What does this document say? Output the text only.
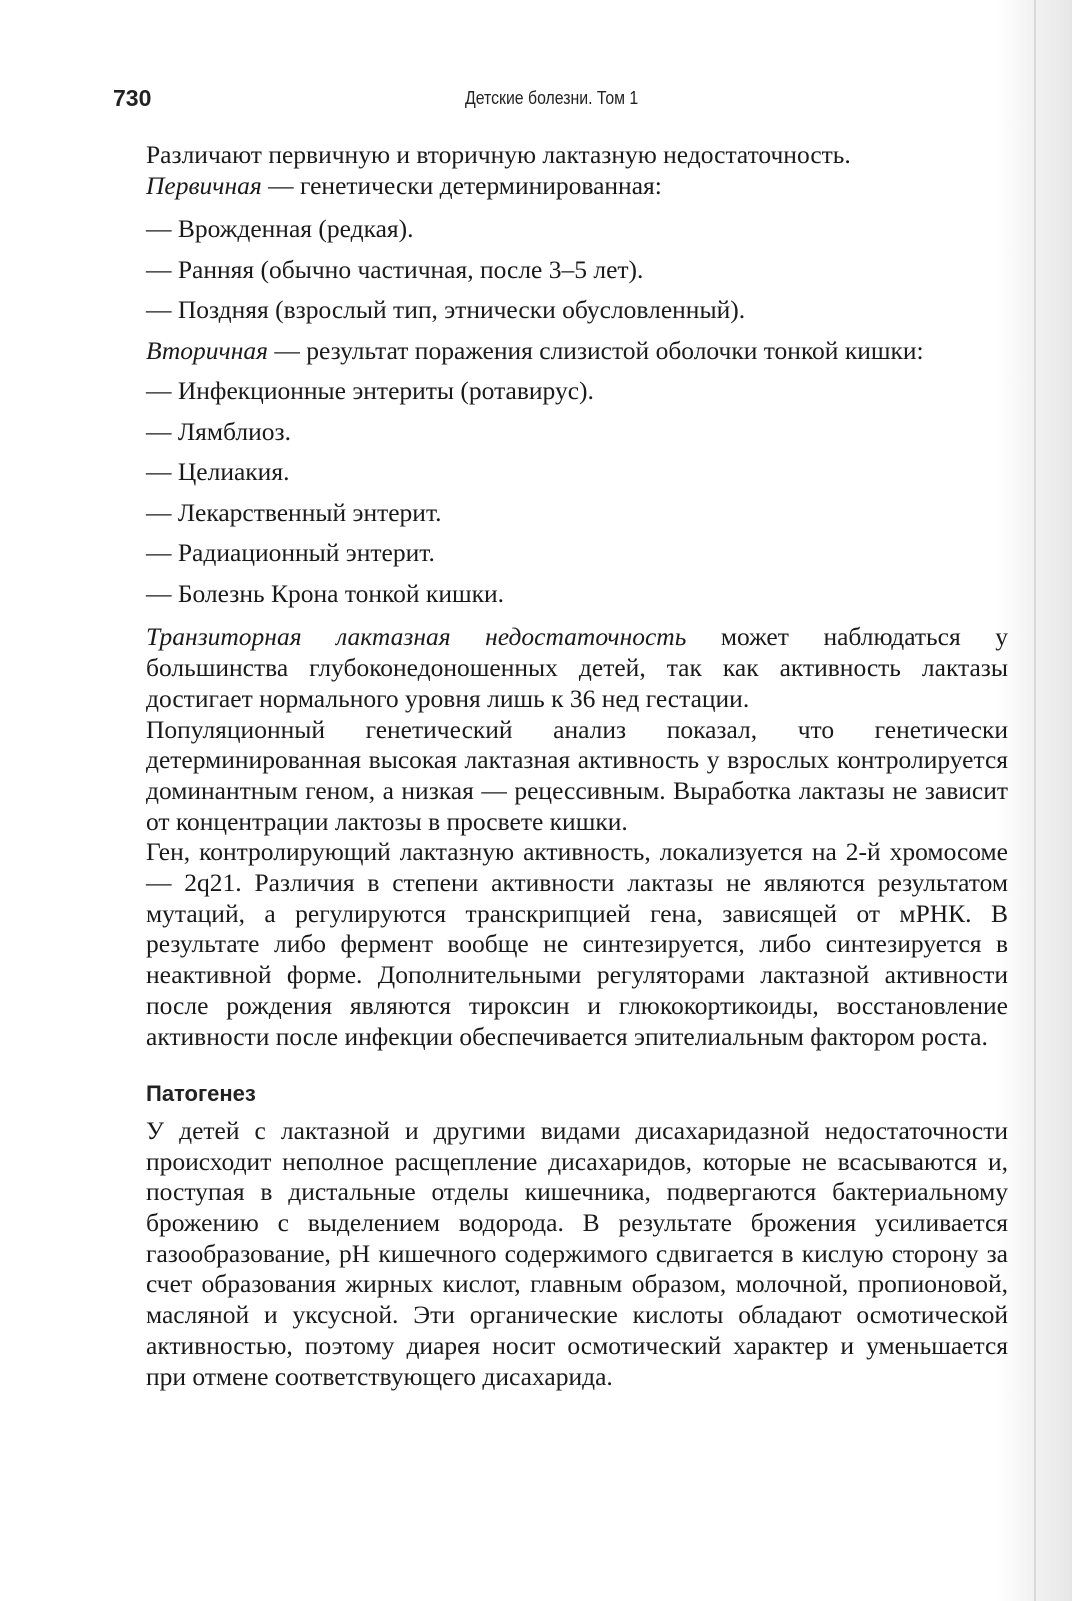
730	Детские болезни. Том 1

Различают первичную и вторичную лактазную недостаточность.

Первичная — генетически детерминированная:

— Врожденная (редкая).

— Ранняя (обычно частичная, после 3–5 лет).

— Поздняя (взрослый тип, этнически обусловленный).

Вторичная — результат поражения слизистой оболочки тонкой кишки:

— Инфекционные энтериты (ротавирус).

— Лямблиоз.

— Целиакия.

— Лекарственный энтерит.

— Радиационный энтерит.

— Болезнь Крона тонкой кишки.

Транзиторная лактазная недостаточность может наблюдаться у большинства глубоконедоношенных детей, так как активность лактазы достигает нормального уровня лишь к 36 нед гестации.

Популяционный генетический анализ показал, что генетически детерминированная высокая лактазная активность у взрослых контролируется доминантным геном, а низкая — рецессивным. Выработка лактазы не зависит от концентрации лактозы в просвете кишки.

Ген, контролирующий лактазную активность, локализуется на 2-й хромосоме — 2q21. Различия в степени активности лактазы не являются результатом мутаций, а регулируются транскрипцией гена, зависящей от мРНК. В результате либо фермент вообще не синтезируется, либо синтезируется в неактивной форме. Дополнительными регуляторами лактазной активности после рождения являются тироксин и глюкокортикоиды, восстановление активности после инфекции обеспечивается эпителиальным фактором роста.

Патогенез

У детей с лактазной и другими видами дисахаридазной недостаточности происходит неполное расщепление дисахаридов, которые не всасываются и, поступая в дистальные отделы кишечника, подвергаются бактериальному брожению с выделением водорода. В результате брожения усиливается газообразование, pH кишечного содержимого сдвигается в кислую сторону за счет образования жирных кислот, главным образом, молочной, пропионовой, масляной и уксусной. Эти органические кислоты обладают осмотической активностью, поэтому диарея носит осмотический характер и уменьшается при отмене соответствующего дисахарида.
